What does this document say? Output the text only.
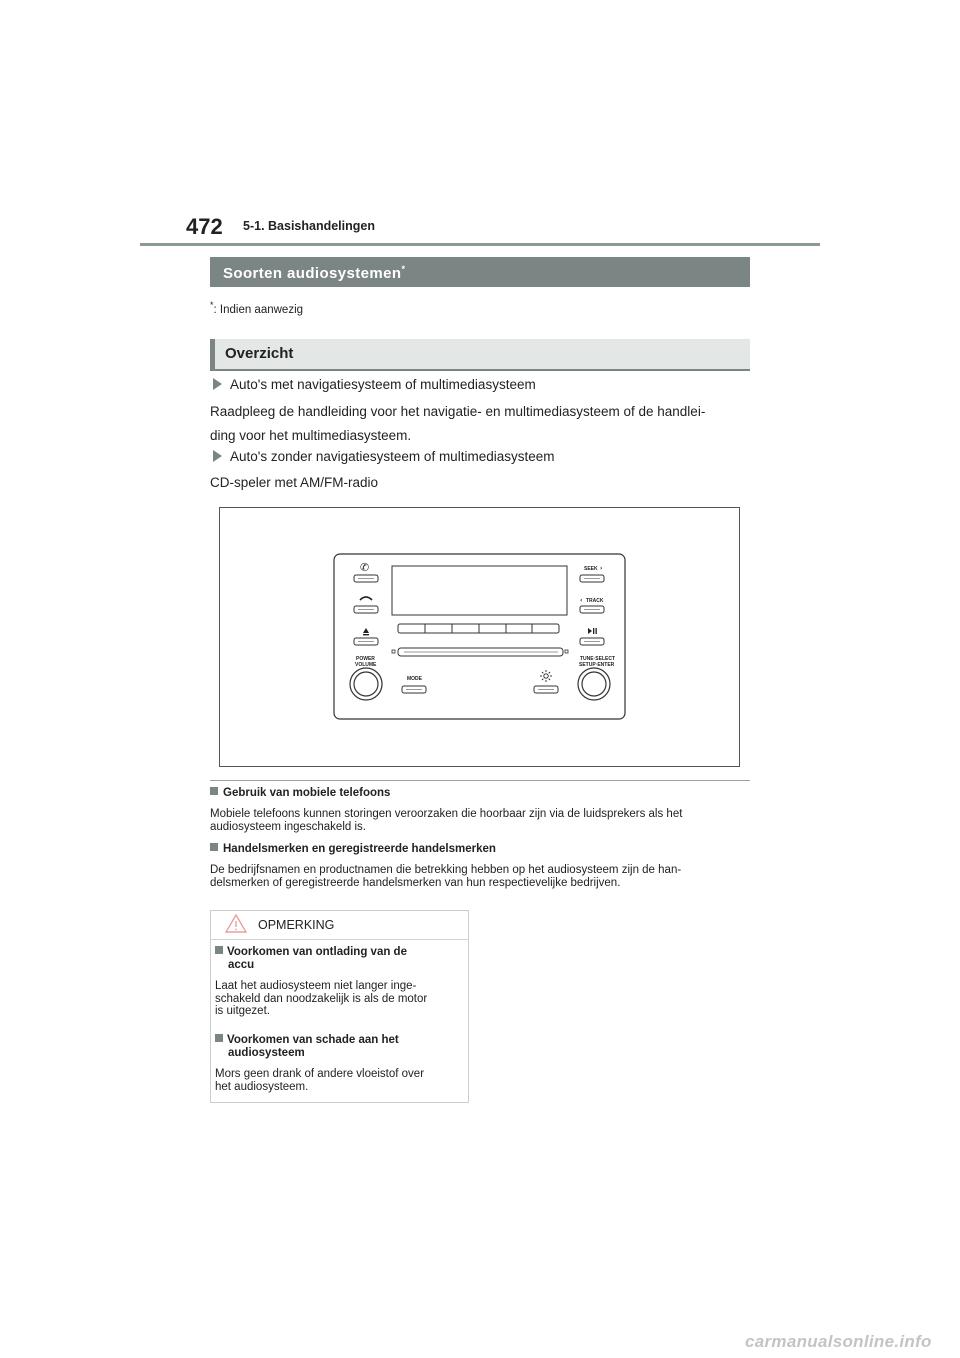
472 5-1. Basishandelingen
Soorten audiosystemen*
*: Indien aanwezig
Overzicht
Auto's met navigatiesysteem of multimediasysteem
Raadpleeg de handleiding voor het navigatie- en multimediasysteem of de handlei-
ding voor het multimediasysteem.
Auto's zonder navigatiesysteem of multimediasysteem
CD-speler met AM/FM-radio
✆
POWER
VOLUME
SEEK ›
‹ TRACK
TUNE·SELECT
SETUP·ENTER
MODE
Gebruik van mobiele telefoons
Mobiele telefoons kunnen storingen veroorzaken die hoorbaar zijn via de luidsprekers als het
audiosysteem ingeschakeld is.
Handelsmerken en geregistreerde handelsmerken
De bedrijfsnamen en productnamen die betrekking hebben op het audiosysteem zijn de han-
delsmerken of geregistreerde handelsmerken van hun respectievelijke bedrijven.
OPMERKING
Voorkomen van ontlading van de
accu
Laat het audiosysteem niet langer inge-
schakeld dan noodzakelijk is als de motor
is uitgezet.
Voorkomen van schade aan het
audiosysteem
Mors geen drank of andere vloeistof over
het audiosysteem.
carmanualsonline.info
